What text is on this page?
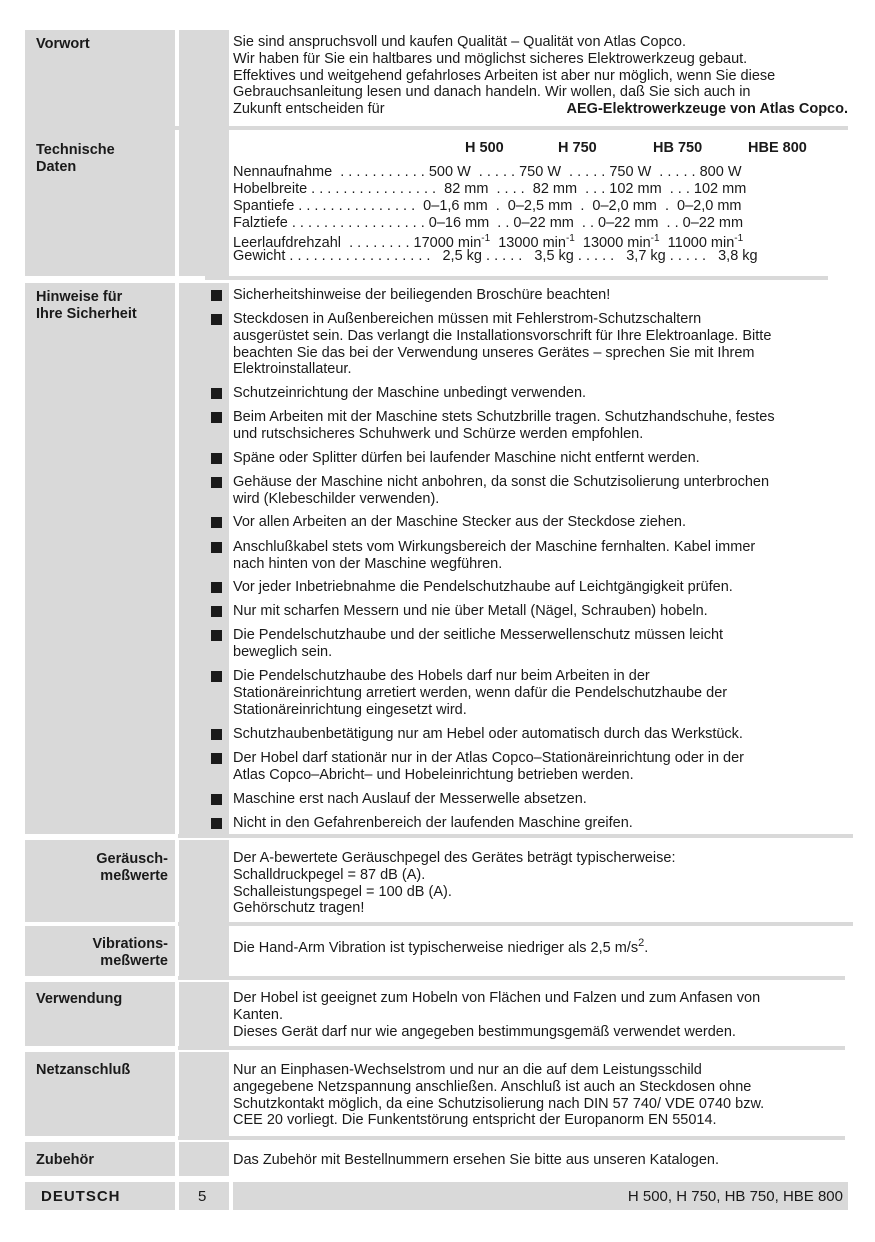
Vorwort	Sie sind anspruchsvoll und kaufen Qualität – Qualität von Atlas Copco.
Wir haben für Sie ein haltbares und möglichst sicheres Elektrowerkzeug gebaut.
Effektives und weitgehend gefahrloses Arbeiten ist aber nur möglich, wenn Sie diese
Gebrauchsanleitung lesen und danach handeln. Wir wollen, daß Sie sich auch in
Zukunft entscheiden für	AEG-Elektrowerkzeuge von Atlas Copco.
Technische
Daten
H 500	H 750	HB 750	HBE 800
Nennaufnahme  . . . . . . . . . . . 500 W  . . . . . 750 W  . . . . . 750 W  . . . . . 800 W
Hobelbreite . . . . . . . . . . . . . . . .  82 mm  . . . .  82 mm  . . . 102 mm  . . . 102 mm
Spantiefe . . . . . . . . . . . . . . .  0–1,6 mm  .  0–2,5 mm  .  0–2,0 mm  .  0–2,0 mm
Falztiefe . . . . . . . . . . . . . . . . . 0–16 mm  . . 0–22 mm  . . 0–22 mm  . . 0–22 mm
Leerlaufdrehzahl  . . . . . . . . 17000 $\min^{-1} 13000$ $\min^{-1} 13000$ $\min^{-1} 11000$ $\min^{-1}$
Gewicht . . . . . . . . . . . . . . . . . .   2,5 kg . . . . .   3,5 kg . . . . .   3,7 kg . . . . .   3,8 kg
Hinweise für
Ihre Sicherheit
Sicherheitshinweise der beiliegenden Broschüre beachten!
Steckdosen in Außenbereichen müssen mit Fehlerstrom-Schutzschaltern
ausgerüstet sein. Das verlangt die Installationsvorschrift für Ihre Elektroanlage. Bitte
beachten Sie das bei der Verwendung unseres Gerätes – sprechen Sie mit Ihrem
Elektroinstallateur.
Schutzeinrichtung der Maschine unbedingt verwenden.
Beim Arbeiten mit der Maschine stets Schutzbrille tragen. Schutzhandschuhe, festes
und rutschsicheres Schuhwerk und Schürze werden empfohlen.
Späne oder Splitter dürfen bei laufender Maschine nicht entfernt werden.
Gehäuse der Maschine nicht anbohren, da sonst die Schutzisolierung unterbrochen
wird (Klebeschilder verwenden).
Vor allen Arbeiten an der Maschine Stecker aus der Steckdose ziehen.
Anschlußkabel stets vom Wirkungsbereich der Maschine fernhalten. Kabel immer
nach hinten von der Maschine wegführen.
Vor jeder Inbetriebnahme die Pendelschutzhaube auf Leichtgängigkeit prüfen.
Nur mit scharfen Messern und nie über Metall (Nägel, Schrauben) hobeln.
Die Pendelschutzhaube und der seitliche Messerwellenschutz müssen leicht
beweglich sein.
Die Pendelschutzhaube des Hobels darf nur beim Arbeiten in der
Stationäreinrichtung arretiert werden, wenn dafür die Pendelschutzhaube der
Stationäreinrichtung eingesetzt wird.
Schutzhaubenbetätigung nur am Hebel oder automatisch durch das Werkstück.
Der Hobel darf stationär nur in der Atlas Copco–Stationäreinrichtung oder in der
Atlas Copco–Abricht– und Hobeleinrichtung betrieben werden.
Maschine erst nach Auslauf der Messerwelle absetzen.
Nicht in den Gefahrenbereich der laufenden Maschine greifen.
Geräusch-
meßwerte
Der A-bewertete Geräuschpegel des Gerätes beträgt typischerweise:
Schalldruckpegel = 87 dB (A).
Schalleistungspegel = 100 dB (A).
Gehörschutz tragen!
Vibrations-
meßwerte
Die Hand-Arm Vibration ist typischerweise niedriger als 2,5 $m/s^2$.
Verwendung	Der Hobel ist geeignet zum Hobeln von Flächen und Falzen und zum Anfasen von
Kanten.
Dieses Gerät darf nur wie angegeben bestimmungsgemäß verwendet werden.
Netzanschluß	Nur an Einphasen-Wechselstrom und nur an die auf dem Leistungsschild
angegebene Netzspannung anschließen. Anschluß ist auch an Steckdosen ohne
Schutzkontakt möglich, da eine Schutzisolierung nach DIN 57 740/ VDE 0740 bzw.
CEE 20 vorliegt. Die Funkentstörung entspricht der Europanorm EN 55014.
Zubehör	Das Zubehör mit Bestellnummern ersehen Sie bitte aus unseren Katalogen.
DEUTSCH	5	H 500, H 750, HB 750, HBE 800
